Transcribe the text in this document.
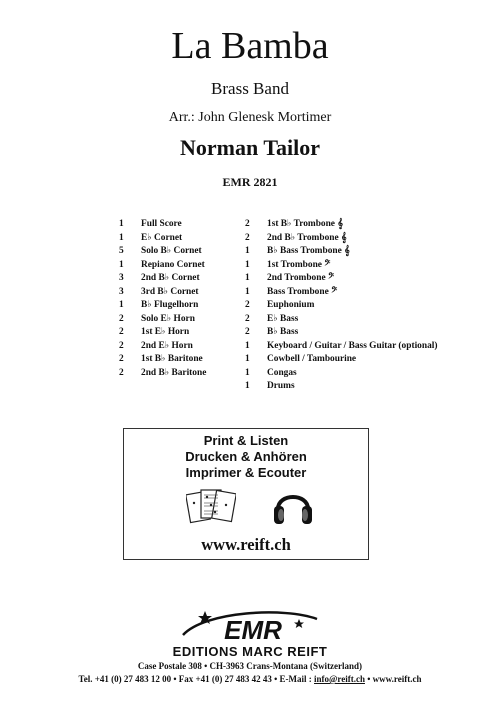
La Bamba
Brass Band
Arr.: John Glenesk Mortimer
Norman Tailor
EMR 2821
1	Full Score
1	E♭ Cornet
5	Solo B♭ Cornet
1	Repiano Cornet
3	2nd B♭ Cornet
3	3rd B♭ Cornet
1	B♭ Flugelhorn
2	Solo E♭ Horn
2	1st E♭ Horn
2	2nd E♭ Horn
2	1st B♭ Baritone
2	2nd B♭ Baritone
2	1st B♭ Trombone 𝄞
2	2nd B♭ Trombone 𝄞
1	B♭ Bass Trombone 𝄞
1	1st Trombone 𝄢
1	2nd Trombone 𝄢
1	Bass Trombone 𝄢
2	Euphonium
2	E♭ Bass
2	B♭ Bass
1	Keyboard / Guitar / Bass Guitar (optional)
1	Cowbell / Tambourine
1	Congas
1	Drums
Print & Listen
Drucken & Anhören
Imprimer & Ecouter
www.reift.ch
EMR
EDITIONS MARC REIFT
Case Postale 308 • CH-3963 Crans-Montana (Switzerland)
Tel. +41 (0) 27 483 12 00 • Fax +41 (0) 27 483 42 43 • E-Mail : info@reift.ch • www.reift.ch
